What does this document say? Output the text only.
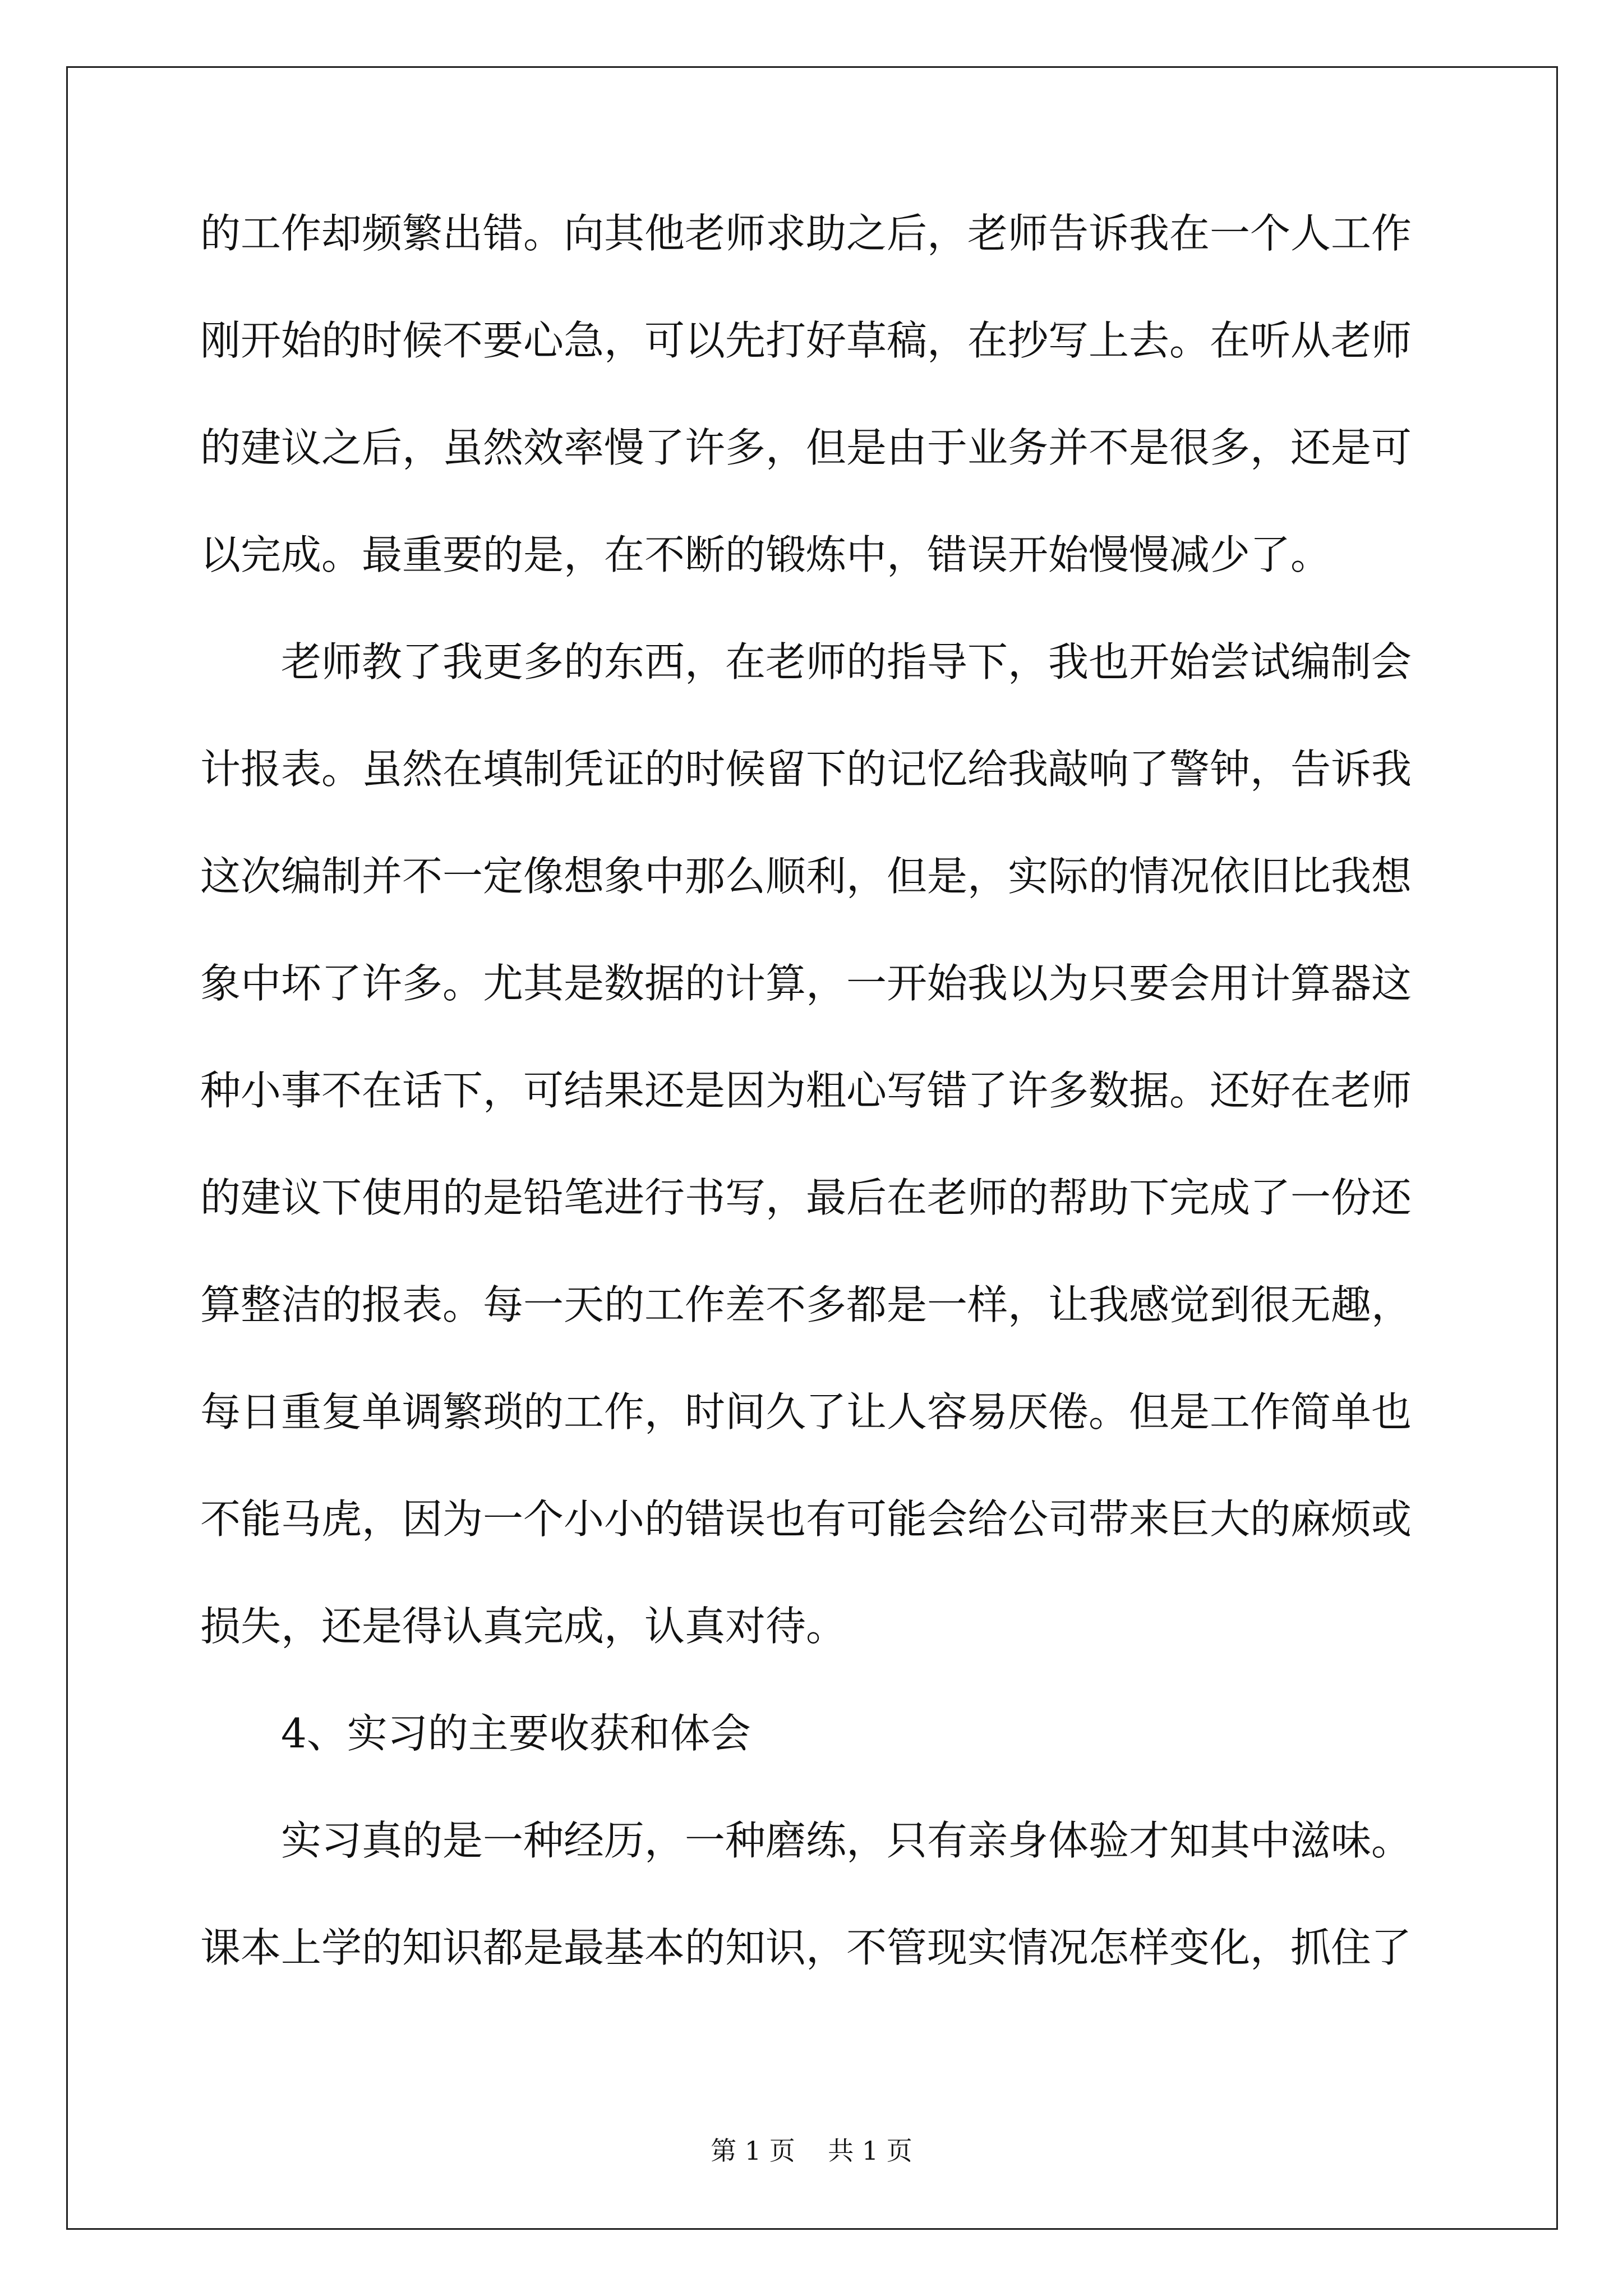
的工作却频繁出错。向其他老师求助之后，老师告诉我在一个人工作
刚开始的时候不要心急，可以先打好草稿，在抄写上去。在听从老师
的建议之后，虽然效率慢了许多，但是由于业务并不是很多，还是可
以完成。最重要的是，在不断的锻炼中，错误开始慢慢减少了。
老师教了我更多的东西，在老师的指导下，我也开始尝试编制会
计报表。虽然在填制凭证的时候留下的记忆给我敲响了警钟，告诉我
这次编制并不一定像想象中那么顺利，但是，实际的情况依旧比我想
象中坏了许多。尤其是数据的计算，一开始我以为只要会用计算器这
种小事不在话下，可结果还是因为粗心写错了许多数据。还好在老师
的建议下使用的是铅笔进行书写，最后在老师的帮助下完成了一份还
算整洁的报表。每一天的工作差不多都是一样，让我感觉到很无趣，
每日重复单调繁琐的工作，时间久了让人容易厌倦。但是工作简单也
不能马虎，因为一个小小的错误也有可能会给公司带来巨大的麻烦或
损失，还是得认真完成，认真对待。
4、实习的主要收获和体会
实习真的是一种经历，一种磨练，只有亲身体验才知其中滋味。
课本上学的知识都是最基本的知识，不管现实情况怎样变化，抓住了
第 1 页 共 1 页
